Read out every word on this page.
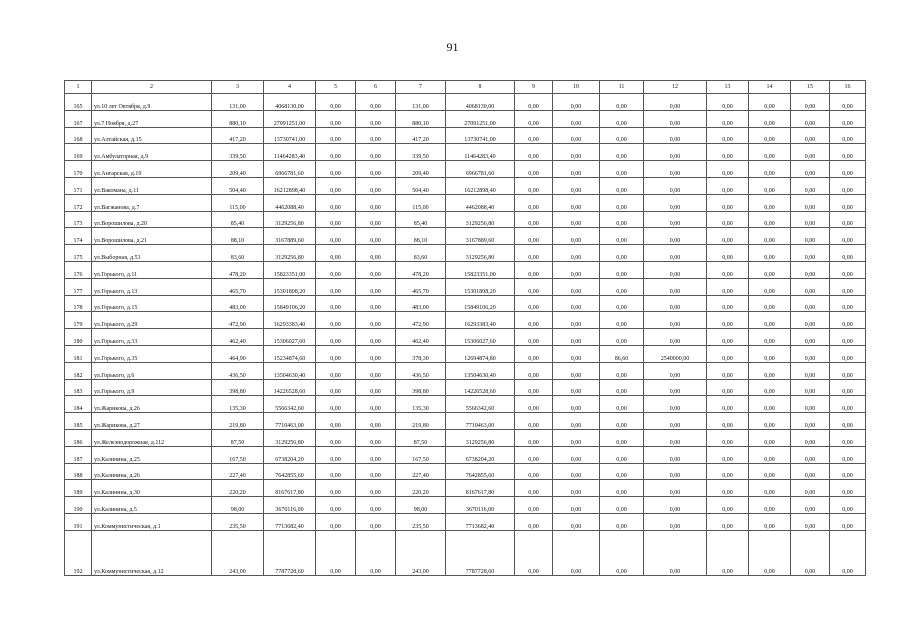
91
1	2	3	4	5	6	7	8	9	10	11	12	13	14	15	16
165	ул.10 лет Октября, д.9	131,00	4068130,00	0,00	0,00	131,00	4068130,00	0,00	0,00	0,00	0,00	0,00	0,00	0,00	0,00
167	ул.7 Ноября, д.27	880,10	27091251,00	0,00	0,00	880,10	27091251,00	0,00	0,00	0,00	0,00	0,00	0,00	0,00	0,00
168	ул.Алтайская, д.15	417,20	13730741,00	0,00	0,00	417,20	13730741,00	0,00	0,00	0,00	0,00	0,00	0,00	0,00	0,00
169	ул.Амбулаторная, д.9	339,50	11464283,40	0,00	0,00	339,50	11464283,40	0,00	0,00	0,00	0,00	0,00	0,00	0,00	0,00
170	ул.Ангарская, д.19	209,40	6966781,60	0,00	0,00	209,40	6966781,60	0,00	0,00	0,00	0,00	0,00	0,00	0,00	0,00
171	ул.Вакомана, д.11	504,40	16212898,40	0,00	0,00	504,40	16212898,40	0,00	0,00	0,00	0,00	0,00	0,00	0,00	0,00
172	ул.Вагжанова, д.7	115,00	4462088,40	0,00	0,00	115,00	4462088,40	0,00	0,00	0,00	0,00	0,00	0,00	0,00	0,00
173	ул.Ворошилова, д.20	85,40	3129256,80	0,00	0,00	85,40	3129256,80	0,00	0,00	0,00	0,00	0,00	0,00	0,00	0,00
174	ул.Ворошилова, д.21	88,10	3167889,60	0,00	0,00	88,10	3167889,60	0,00	0,00	0,00	0,00	0,00	0,00	0,00	0,00
175	ул.Выборная, д.53	83,60	3129256,80	0,00	0,00	83,60	3129256,80	0,00	0,00	0,00	0,00	0,00	0,00	0,00	0,00
176	ул.Горького, д.11	478,20	15823351,00	0,00	0,00	478,20	15823351,00	0,00	0,00	0,00	0,00	0,00	0,00	0,00	0,00
177	ул.Горького, д.13	465,70	15301808,20	0,00	0,00	465,70	15301808,20	0,00	0,00	0,00	0,00	0,00	0,00	0,00	0,00
178	ул.Горького, д.15	483,00	15849106,20	0,00	0,00	483,00	15849106,20	0,00	0,00	0,00	0,00	0,00	0,00	0,00	0,00
179	ул.Горького, д.29	472,90	16293383,40	0,00	0,00	472,90	16293383,40	0,00	0,00	0,00	0,00	0,00	0,00	0,00	0,00
180	ул.Горького, д.33	462,40	15306027,60	0,00	0,00	462,40	15306027,60	0,00	0,00	0,00	0,00	0,00	0,00	0,00	0,00
181	ул.Горького, д.35	464,90	15234874,60	0,00	0,00	378,30	12694874,80	0,00	0,00	86,60	2540000,00	0,00	0,00	0,00	0,00
182	ул.Горького, д.6	436,50	13504630,40	0,00	0,00	436,50	13504630,40	0,00	0,00	0,00	0,00	0,00	0,00	0,00	0,00
183	ул.Горького, д.9	398,80	14226528,60	0,00	0,00	398,80	14226528,60	0,00	0,00	0,00	0,00	0,00	0,00	0,00	0,00
184	ул.Жарикова, д.26	135,30	5566342,60	0,00	0,00	135,30	5566342,60	0,00	0,00	0,00	0,00	0,00	0,00	0,00	0,00
185	ул.Жарикова, д.27	219,80	7710463,00	0,00	0,00	219,80	7710463,00	0,00	0,00	0,00	0,00	0,00	0,00	0,00	0,00
186	ул.Железнодорожная, д.112	87,50	3129256,80	0,00	0,00	87,50	3129256,80	0,00	0,00	0,00	0,00	0,00	0,00	0,00	0,00
187	ул.Калинина, д.25	167,50	6738204,20	0,00	0,00	167,50	6738204,20	0,00	0,00	0,00	0,00	0,00	0,00	0,00	0,00
188	ул.Калинина, д.26	227,40	7642855,60	0,00	0,00	227,40	7642855,60	0,00	0,00	0,00	0,00	0,00	0,00	0,00	0,00
189	ул.Калинина, д.30	220,20	8167617,80	0,00	0,00	220,20	8167617,80	0,00	0,00	0,00	0,00	0,00	0,00	0,00	0,00
190	ул.Калинина, д.5	98,00	3670116,00	0,00	0,00	98,00	3670116,00	0,00	0,00	0,00	0,00	0,00	0,00	0,00	0,00
191	ул.Коммунистическая, д.1	235,50	7713682,40	0,00	0,00	235,50	7713682,40	0,00	0,00	0,00	0,00	0,00	0,00	0,00	0,00
192	ул.Коммунистическая, д.12	243,00	7787728,60	0,00	0,00	243,00	7787728,60	0,00	0,00	0,00	0,00	0,00	0,00	0,00	0,00
